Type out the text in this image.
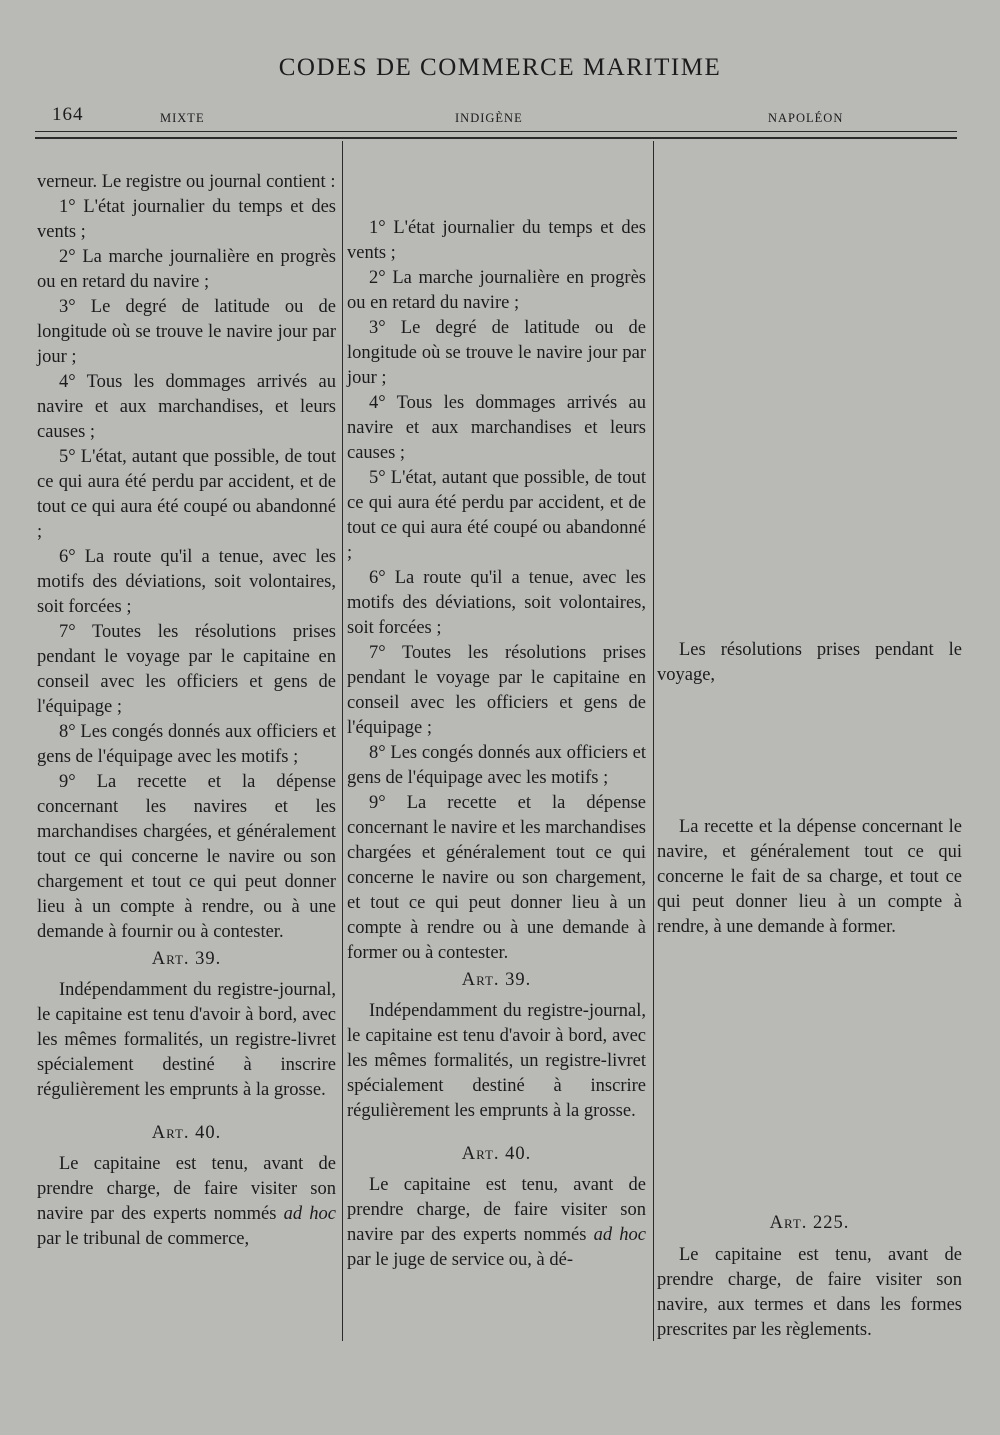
CODES DE COMMERCE MARITIME
164	MIXTE	INDIGÈNE	NAPOLÉON

verneur. Le registre ou journal contient :

1° L'état journalier du temps et des vents ;

2° La marche journalière en progrès ou en retard du navire ;

3° Le degré de latitude ou de longitude où se trouve le navire jour par jour ;

4° Tous les dommages arrivés au navire et aux marchandises, et leurs causes ;

5° L'état, autant que possible, de tout ce qui aura été perdu par accident, et de tout ce qui aura été coupé ou abandonné ;

6° La route qu'il a tenue, avec les motifs des déviations, soit volontaires, soit forcées ;

7° Toutes les résolutions prises pendant le voyage par le capitaine en conseil avec les officiers et gens de l'équipage ;

8° Les congés donnés aux officiers et gens de l'équipage avec les motifs ;

9° La recette et la dépense concernant les navires et les marchandises chargées, et généralement tout ce qui concerne le navire ou son chargement et tout ce qui peut donner lieu à un compte à rendre, ou à une demande à fournir ou à contester.

Art. 39.

Indépendamment du registre-journal, le capitaine est tenu d'avoir à bord, avec les mêmes formalités, un registre-livret spécialement destiné à inscrire régulièrement les emprunts à la grosse.

Art. 40.

Le capitaine est tenu, avant de prendre charge, de faire visiter son navire par des experts nommés ad hoc par le tribunal de commerce,

1° L'état journalier du temps et des vents ;

2° La marche journalière en progrès ou en retard du navire ;

3° Le degré de latitude ou de longitude où se trouve le navire jour par jour ;

4° Tous les dommages arrivés au navire et aux marchandises et leurs causes ;

5° L'état, autant que possible, de tout ce qui aura été perdu par accident, et de tout ce qui aura été coupé ou abandonné ;

6° La route qu'il a tenue, avec les motifs des déviations, soit volontaires, soit forcées ;

7° Toutes les résolutions prises pendant le voyage par le capitaine en conseil avec les officiers et gens de l'équipage ;

8° Les congés donnés aux officiers et gens de l'équipage avec les motifs ;

9° La recette et la dépense concernant le navire et les marchandises chargées et généralement tout ce qui concerne le navire ou son chargement, et tout ce qui peut donner lieu à un compte à rendre ou à une demande à former ou à contester.

Art. 39.

Indépendamment du registre-journal, le capitaine est tenu d'avoir à bord, avec les mêmes formalités, un registre-livret spécialement destiné à inscrire régulièrement les emprunts à la grosse.

Art. 40.

Le capitaine est tenu, avant de prendre charge, de faire visiter son navire par des experts nommés ad hoc par le juge de service ou, à dé-

Les résolutions prises pendant le voyage,

La recette et la dépense concernant le navire, et généralement tout ce qui concerne le fait de sa charge, et tout ce qui peut donner lieu à un compte à rendre, à une demande à former.

Art. 225.

Le capitaine est tenu, avant de prendre charge, de faire visiter son navire, aux termes et dans les formes prescrites par les règlements.
